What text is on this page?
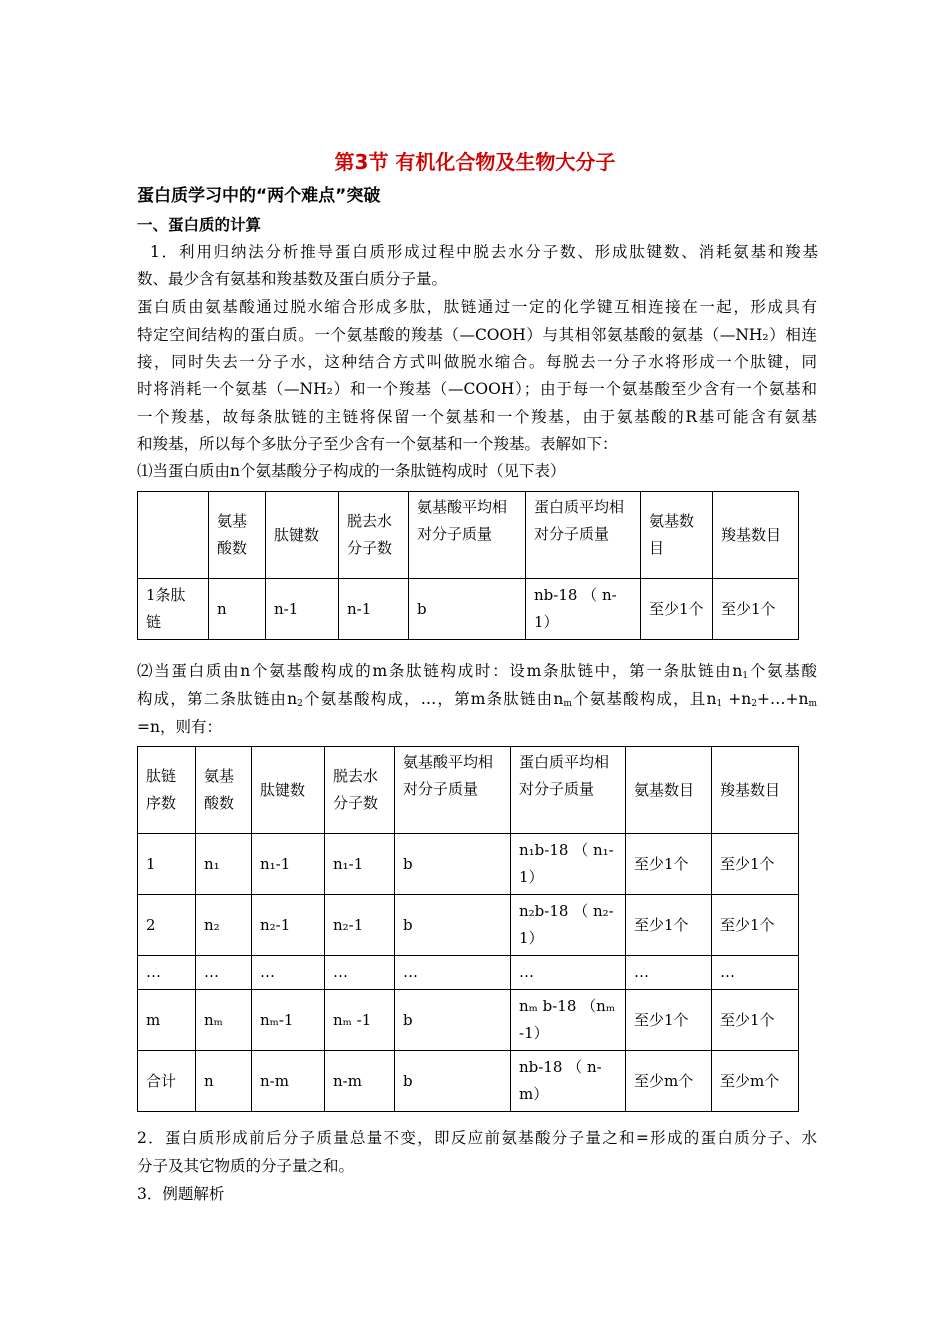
第3节 有机化合物及生物大分子
蛋白质学习中的“两个难点”突破
一、蛋白质的计算
1．利用归纳法分析推导蛋白质形成过程中脱去水分子数、形成肽键数、消耗氨基和羧基
数、最少含有氨基和羧基数及蛋白质分子量。
蛋白质由氨基酸通过脱水缩合形成多肽，肽链通过一定的化学键互相连接在一起，形成具有
特定空间结构的蛋白质。一个氨基酸的羧基（—COOH）与其相邻氨基酸的氨基（—NH₂）相连
接，同时失去一分子水，这种结合方式叫做脱水缩合。每脱去一分子水将形成一个肽键，同
时将消耗一个氨基（—NH₂）和一个羧基（—COOH）；由于每一个氨基酸至少含有一个氨基和
一个羧基，故每条肽链的主链将保留一个氨基和一个羧基，由于氨基酸的R基可能含有氨基
和羧基，所以每个多肽分子至少含有一个氨基和一个羧基。表解如下：
⑴当蛋白质由n个氨基酸分子构成的一条肽链构成时（见下表）
	氨基酸数	肽键数	脱去水分子数	氨基酸平均相对分子质量	蛋白质平均相对分子质量	氨基数目	羧基数目
1条肽链	n	n-1	n-1	b	nb-18 （ n-1）	至少1个	至少1个
⑵当蛋白质由n个氨基酸构成的m条肽链构成时：设m条肽链中，第一条肽链由$n_1$个氨基酸
构成，第二条肽链由$n_2$个氨基酸构成，…，第m条肽链由$n_m$个氨基酸构成，且$n_1$ $+n_2+\dots+n_m$
=n，则有：
肽链序数	氨基酸数	肽键数	脱去水分子数	氨基酸平均相对分子质量	蛋白质平均相对分子质量	氨基数目	羧基数目
1	n₁	n₁-1	n₁-1	b	n₁b-18 （ n₁-1）	至少1个	至少1个
2	n₂	n₂-1	n₂-1	b	n₂b-18 （ n₂-1）	至少1个	至少1个
…	…	…	…	…	…	…	…
m	nₘ	nₘ-1	nₘ -1	b	nₘ b-18 （nₘ -1）	至少1个	至少1个
合计	n	n-m	n-m	b	nb-18 （ n-m）	至少m个	至少m个
2．蛋白质形成前后分子质量总量不变，即反应前氨基酸分子量之和=形成的蛋白质分子、水
分子及其它物质的分子量之和。
3．例题解析
